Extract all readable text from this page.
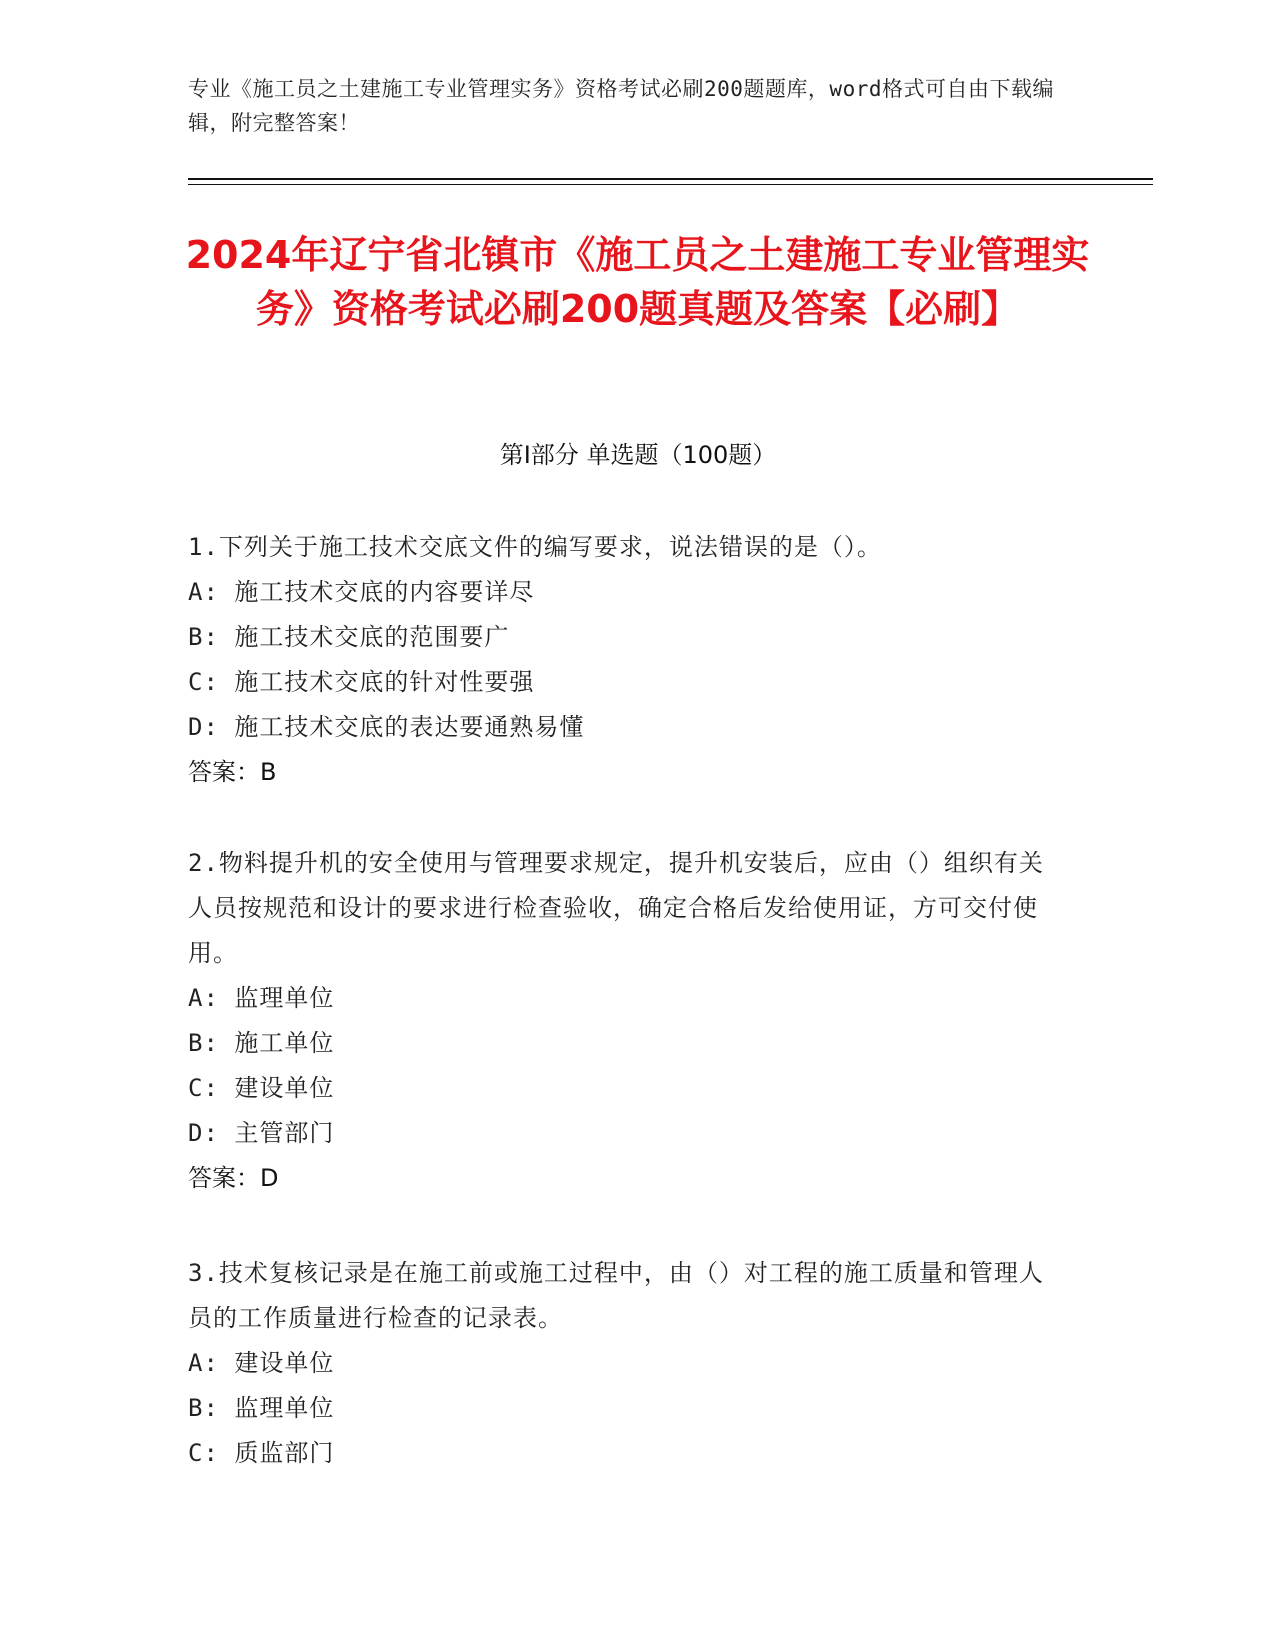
专业《施工员之土建施工专业管理实务》资格考试必刷200题题库，word格式可自由下载编辑，附完整答案！
2024年辽宁省北镇市《施工员之土建施工专业管理实务》资格考试必刷200题真题及答案【必刷】
第Ⅰ部分 单选题（100题）

1.下列关于施工技术交底文件的编写要求，说法错误的是（）。

A: 施工技术交底的内容要详尽

B: 施工技术交底的范围要广

C: 施工技术交底的针对性要强

D: 施工技术交底的表达要通熟易懂

答案：B

2.物料提升机的安全使用与管理要求规定，提升机安装后，应由（）组织有关人员按规范和设计的要求进行检查验收，确定合格后发给使用证，方可交付使用。

A: 监理单位

B: 施工单位

C: 建设单位

D: 主管部门

答案：D

3.技术复核记录是在施工前或施工过程中，由（）对工程的施工质量和管理人员的工作质量进行检查的记录表。

A: 建设单位

B: 监理单位

C: 质监部门
